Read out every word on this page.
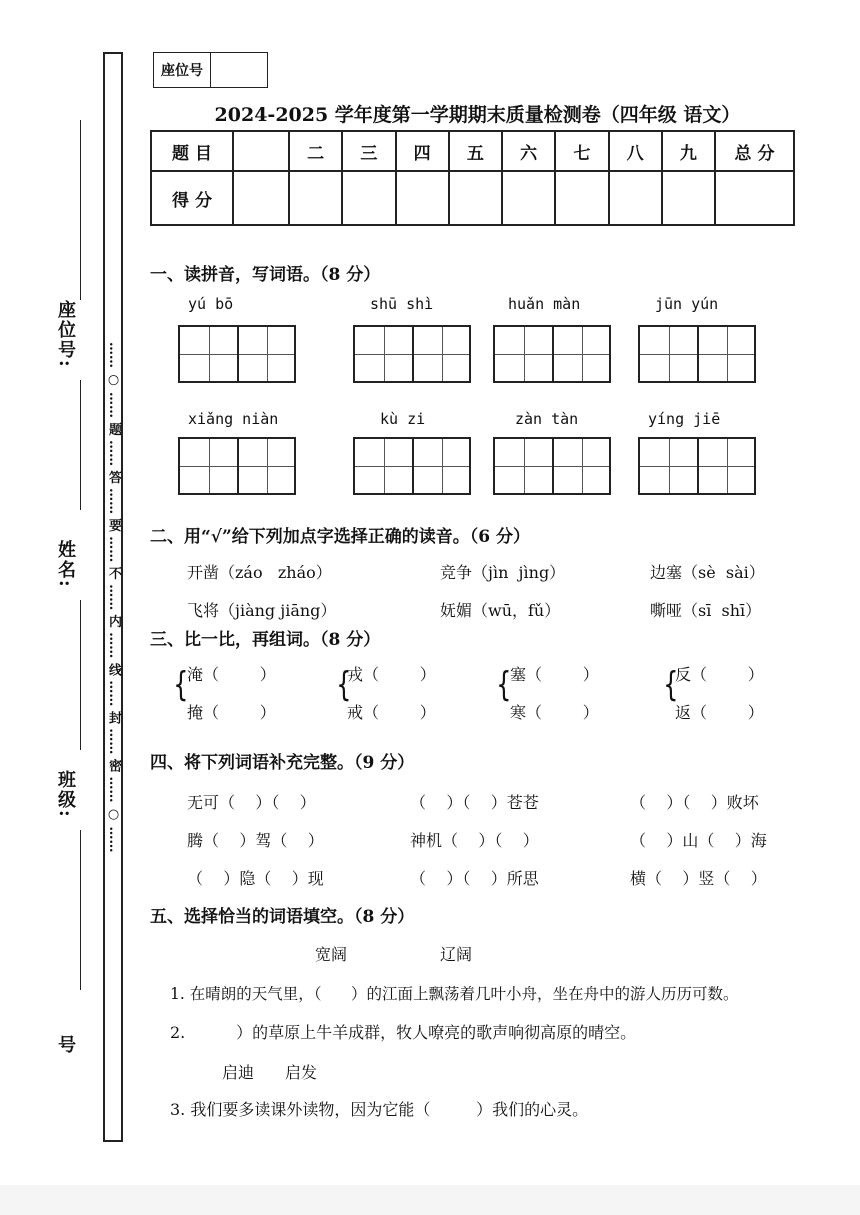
座位号:
姓名:
班级:
号
…… ○ …… 题 …… 答 …… 要 …… 不 …… 内 …… 线 …… 封 …… 密 …… ○ ……
座位号
2024-2025 学年度第一学期期末质量检测卷（四年级 语文）
题 目		二	三	四	五	六	七	八	九	总 分
得 分										
一、读拼音，写词语。（8 分）
yú bō	shū shì	huǎn màn	jūn yún
xiǎng niàn	kù zi	zàn tàn	yíng jiē
二、用“√”给下列加点字选择正确的读音。（6 分）
开凿（záo   zháo）	竞争（jìn  jìng）	边塞（sè  sài）
飞将（jiàng jiāng）	妩媚（wū，fǔ）	嘶哑（sī  shī）
三、比一比，再组词。（8 分）
{
淹（        ）
掩（        ）
{
戎（        ）
戒（        ）
{
塞（        ）
寒（        ）
{
反（        ）
返（        ）
四、将下列词语补充完整。（9 分）
无可（    ）（    ）	（    ）（    ）苍苍	（    ）（    ）败坏
腾（    ）驾（    ）	神机（    ）（    ）	（    ）山（    ）海
（    ）隐（    ）现	（    ）（    ）所思	横（    ）竖（    ）
五、选择恰当的词语填空。（8 分）
宽阔	辽阔
1. 在晴朗的天气里，（      ）的江面上飘荡着几叶小舟，坐在舟中的游人历历可数。
2.          ）的草原上牛羊成群，牧人嘹亮的歌声响彻高原的晴空。
启迪 启发
3. 我们要多读课外读物，因为它能（         ）我们的心灵。
